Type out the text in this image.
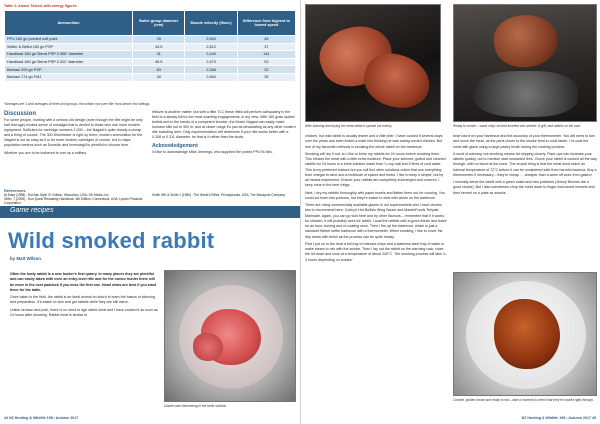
Table 1: Ammo Tested, with energy figures
Ammunition	Bullet group diameter (mm)	Muzzle velocity (ft/sec)	Difference from highest to lowest speed
PPU 160 gn pointed soft point	25	2,600	45
Sellier & Bellot 160 gn PSP	44.5	2,612	37
Handload 160 gn Sierra PSP 0.308" diameter	31	2,440	141
Handload 160 gn Sierra PSP 0.311" diameter	45.5	2,470	53
Barnaul 209 gn PSP	63	2,346	22
Barnaul 174 gn FMJ	40	2,664	35
*Averages are 3-shot averages of three-shot groups, the bottom row (see rifle: front-bench rest settings.
Discussion
For some people, hunting with a century-old design (even though the rifle might be only half that age) evokes sense of nostalgia that is denied to those who use more modern equipment. Sufficient for cartridge numbers 1,000 – the Nagant's quite closely a cheap and a thing of course. The 300 Winchester is right up there, modern ammunition for the Nagant is not as easy as it is for more modern cartridges of course, but in major population centres such as Dunedin and Invercargill is plentiful to choose from.
Whether you are to be bothered to turn up a military
leftover is another matter, but with a little TLC these rifles will perform adequately in the field to a steady kill for the most exacting engagements, in my view. With 160 grain spitzer bullets and in the hands of a competent shooter, the Mosin Nagant can easily make humane kills out to 300 m, and at closer range it's just as devastating as any other modern rifle including deer. Only experimentation will determine if your rifle works better with a 0.308 or 0.311 diameter, for that is it rather than the shots.
Acknowledgement
I'd like to acknowledge Mike Jennings, who supplied the ported PPU M-Nils.
References
At Ease (1998) : Hot Ash Style 3+ Edition, Wisconsin, USA; DK Media, Inc.
Giffin, T (2008) : Gun Quest Reloading Handbook. 6th Edition, Connecticut, USA; Lyman Products Corporation.
Smith WH & Smith J (1980) : The World's Rifles. Pennsylvania, USA; The Stackpole Company.
Game recipes
Wild smoked rabbit
by Matt Wilson
Often the lowly rabbit is a new hunter's first quarry. In many places they are plentiful and can easily taken with even an entry-level rifle and for the novice hunter there will be more in the next paddock if you miss the first one. Head shots are best if you want them for the table.
Once taken in the field, the rabbit is an ideal animal on which to learn the basics of skinning and preparation. It's easier to skin and gut rabbits while they are still warm.
Unlike venison and pork, there is no need to age rabbit meat and I have cooked it as soon as 24 hours after shooting. Rabbit meat is similar to
Glazed and shimmering in the brine solution
44 NZ Hunting & Wildlife 198 • Autumn 2017
After skinning and drying the meat rabbit is spread out evenly.	Ready to smoke – wood chips set and inserted into smoker. A grill, and rabbits on the rack.
chicken, but wild rabbit is usually leaner and a little drier. I have cooked it several ways over the years and even fooled a mate into thinking he was eating curried chicken. But one of my favourite methods is smoking the whole rabbit on the barbecue.
Smoking will dry it out, so I like to brine my rabbits for 24 hours before smoking them. This infuses the meat with a little extra moisture. Place your skinned, gutted and cleaned rabbits for 24 hours in a brine solution made from ¼ cup salt and 5 litres of cold water. This is my preferred mixture but you will find other solutions online that use everything from vinegar to wine and a multitude of spices and herbs. I like to keep it simple, but by all means experiment. Ensure your rabbits are completely submerged and covered. I keep mine in the beer fridge.
Next, I dry my rabbits thoroughly with paper towels and flatten them out for cooking. You could cut them into portions, but they're easier to deal with whole on the barbecue.
There are many commercially available glazes in our supermarkets and I have chosen two to recommend here: Culley's Hot Buffalo Wing Sauce and MasterFoods Teriyaki Marinade. Again, you can go wild here and try other flavours – remember that if it works for chicken, it will probably work for rabbit. I coat the rabbits with a good drizzle and leave for an hour, turning and re-coating once. Then I fire up the barbecue, which is just a standard Weber kettle barbecue with a thermometer. When smoking, I like to cover the drip areas with tinfoil as the process can be quite messy.
First I put on to the heat a foil tray of manuka chips and a stainless-steel tray of water to make steam to mix with the smoke. Then I lay out the rabbit on the warming rack, close the lid down and cook at a temperature of about 140°C. The smoking process will take 2–4 hours depending on smoke/
heat loss from your barbecue and the accuracy of your thermometer. You will need to turn and move the meat, as the parts closer to the smoke tend to cook faster. I re-coat the meat with glaze using a large pastry brush during the cooking process.
A word of warning: hot smoking means fat dripping closely. Flare-ups can increase your rabbits quickly, not to mention start unwanted fires. Check your rabbit is cooked all the way through, with no blood at the bone. The crucial thing is that the meat must reach an internal temperature of 72°C before it can be considered safe from harmful bacteria. Buy a thermometer if necessary – they're cheap … cheaper than a week off work from gastro!
I normally serve the rabbit with a green salad and new potatoes (Jersey Bennes are a good choice). But I also sometimes chop the meat down to finger-food-sized morsels and then served on a plate as snacks.
Cooked, golden brown and ready to eat – take a moment to check that they're cooked right through.
NZ Hunting & Wildlife 198 • Autumn 2017 45
